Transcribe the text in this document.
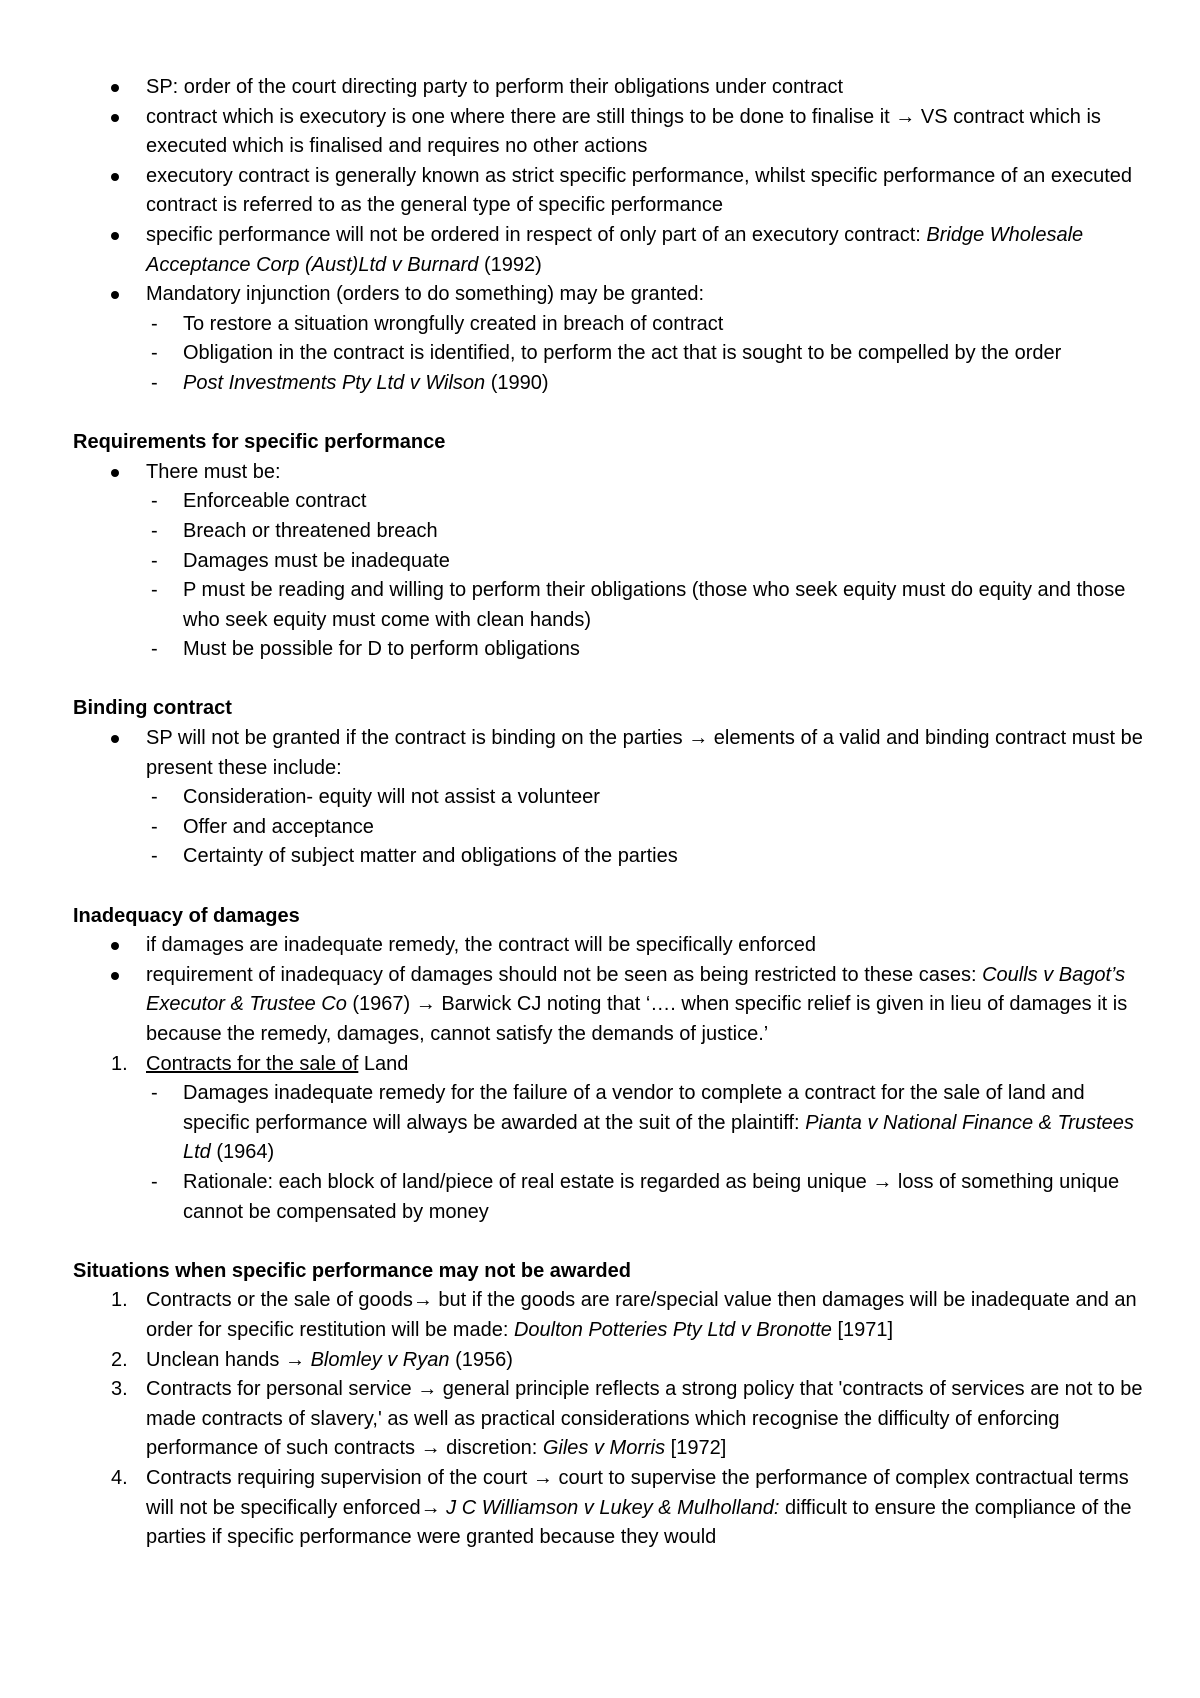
SP: order of the court directing party to perform their obligations under contract
contract which is executory is one where there are still things to be done to finalise it → VS contract which is executed which is finalised and requires no other actions
executory contract is generally known as strict specific performance, whilst specific performance of an executed contract is referred to as the general type of specific performance
specific performance will not be ordered in respect of only part of an executory contract: Bridge Wholesale Acceptance Corp (Aust)Ltd v Burnard (1992)
Mandatory injunction (orders to do something) may be granted:
- To restore a situation wrongfully created in breach of contract
- Obligation in the contract is identified, to perform the act that is sought to be compelled by the order
- Post Investments Pty Ltd v Wilson (1990)
Requirements for specific performance
There must be:
- Enforceable contract
- Breach or threatened breach
- Damages must be inadequate
- P must be reading and willing to perform their obligations (those who seek equity must do equity and those who seek equity must come with clean hands)
- Must be possible for D to perform obligations
Binding contract
SP will not be granted if the contract is binding on the parties → elements of a valid and binding contract must be present these include:
- Consideration- equity will not assist a volunteer
- Offer and acceptance
- Certainty of subject matter and obligations of the parties
Inadequacy of damages
if damages are inadequate remedy, the contract will be specifically enforced
requirement of inadequacy of damages should not be seen as being restricted to these cases: Coulls v Bagot’s Executor & Trustee Co (1967) → Barwick CJ noting that ‘…. when specific relief is given in lieu of damages it is because the remedy, damages, cannot satisfy the demands of justice.’
1. Contracts for the sale of Land
- Damages inadequate remedy for the failure of a vendor to complete a contract for the sale of land and specific performance will always be awarded at the suit of the plaintiff: Pianta v National Finance & Trustees Ltd (1964)
- Rationale: each block of land/piece of real estate is regarded as being unique → loss of something unique cannot be compensated by money
Situations when specific performance may not be awarded
1. Contracts or the sale of goods→ but if the goods are rare/special value then damages will be inadequate and an order for specific restitution will be made: Doulton Potteries Pty Ltd v Bronotte [1971]
2. Unclean hands → Blomley v Ryan (1956)
3. Contracts for personal service → general principle reflects a strong policy that 'contracts of services are not to be made contracts of slavery,' as well as practical considerations which recognise the difficulty of enforcing performance of such contracts → discretion: Giles v Morris [1972]
4. Contracts requiring supervision of the court → court to supervise the performance of complex contractual terms will not be specifically enforced→ J C Williamson v Lukey & Mulholland: difficult to ensure the compliance of the parties if specific performance were granted because they would
